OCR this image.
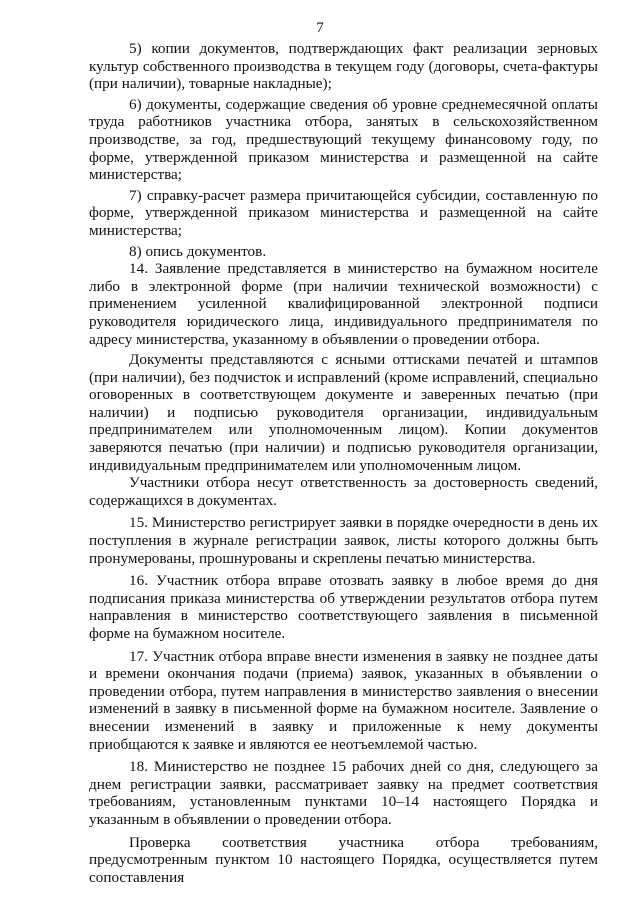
7

5) копии документов, подтверждающих факт реализации зерновых культур собственного производства в текущем году (договоры, счета-фактуры (при наличии), товарные накладные);

6) документы, содержащие сведения об уровне среднемесячной оплаты труда работников участника отбора, занятых в сельскохозяйственном производстве, за год, предшествующий текущему финансовому году, по форме, утвержденной приказом министерства и размещенной на сайте министерства;

7) справку-расчет размера причитающейся субсидии, составленную по форме, утвержденной приказом министерства и размещенной на сайте министерства;

8) опись документов.

14. Заявление представляется в министерство на бумажном носителе либо в электронной форме (при наличии технической возможности) с применением усиленной квалифицированной электронной подписи руководителя юридического лица, индивидуального предпринимателя по адресу министерства, указанному в объявлении о проведении отбора.

Документы представляются с ясными оттисками печатей и штампов (при наличии), без подчисток и исправлений (кроме исправлений, специально оговоренных в соответствующем документе и заверенных печатью (при наличии) и подписью руководителя организации, индивидуальным предпринимателем или уполномоченным лицом). Копии документов заверяются печатью (при наличии) и подписью руководителя организации, индивидуальным предпринимателем или уполномоченным лицом.

Участники отбора несут ответственность за достоверность сведений, содержащихся в документах.

15. Министерство регистрирует заявки в порядке очередности в день их поступления в журнале регистрации заявок, листы которого должны быть пронумерованы, прошнурованы и скреплены печатью министерства.

16. Участник отбора вправе отозвать заявку в любое время до дня подписания приказа министерства об утверждении результатов отбора путем направления в министерство соответствующего заявления в письменной форме на бумажном носителе.

17. Участник отбора вправе внести изменения в заявку не позднее даты и времени окончания подачи (приема) заявок, указанных в объявлении о проведении отбора, путем направления в министерство заявления о внесении изменений в заявку в письменной форме на бумажном носителе. Заявление о внесении изменений в заявку и приложенные к нему документы приобщаются к заявке и являются ее неотъемлемой частью.

18. Министерство не позднее 15 рабочих дней со дня, следующего за днем регистрации заявки, рассматривает заявку на предмет соответствия требованиям, установленным пунктами 10–14 настоящего Порядка и указанным в объявлении о проведении отбора.

Проверка соответствия участника отбора требованиям, предусмотренным пунктом 10 настоящего Порядка, осуществляется путем сопоставления
